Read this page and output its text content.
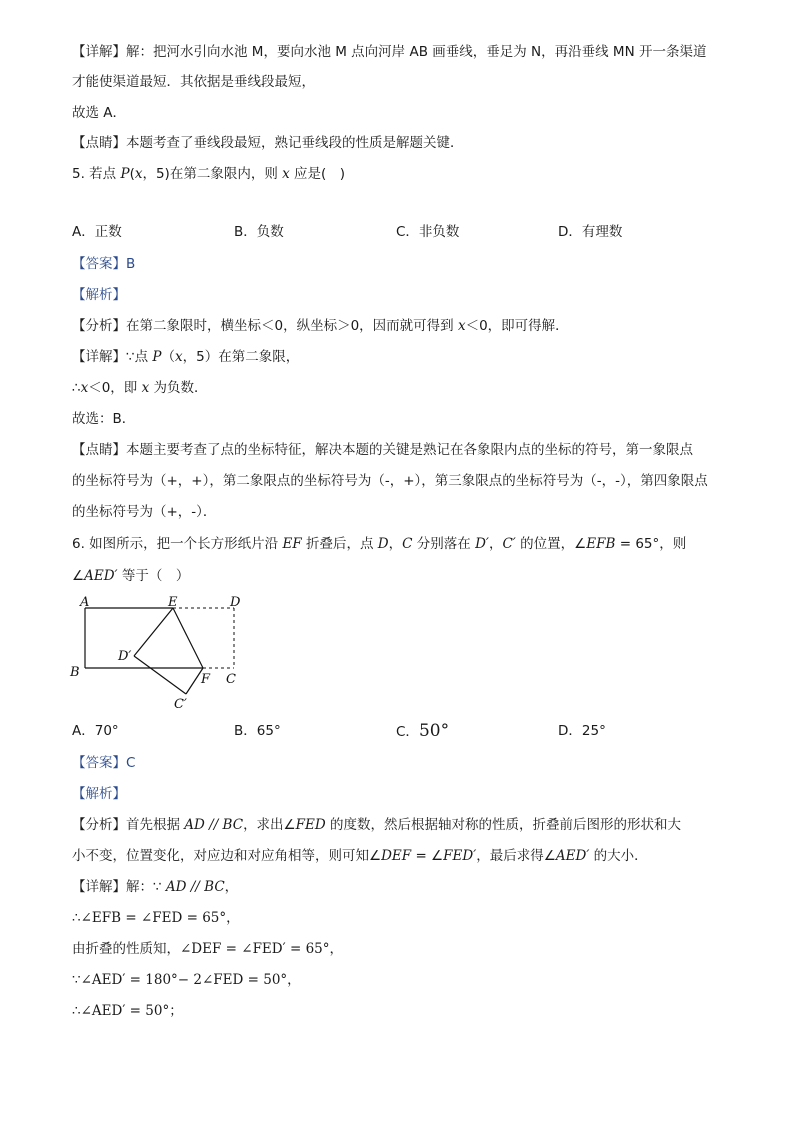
【详解】解：把河水引向水池 M，要向水池 M 点向河岸 AB 画垂线，垂足为 N，再沿垂线 MN 开一条渠道
才能使渠道最短．其依据是垂线段最短，
故选 A．
【点睛】本题考查了垂线段最短，熟记垂线段的性质是解题关键．
5. 若点 P(x，5)在第二象限内，则 x 应是(　)
A．正数	B．负数	C．非负数	D．有理数
【答案】B
【解析】
【分析】在第二象限时，横坐标＜0，纵坐标＞0，因而就可得到 x＜0，即可得解．
【详解】∵点 P（x，5）在第二象限，
∴x＜0，即 x 为负数．
故选：B．
【点睛】本题主要考查了点的坐标特征，解决本题的关键是熟记在各象限内点的坐标的符号，第一象限点
的坐标符号为（+，+），第二象限点的坐标符号为（-，+），第三象限点的坐标符号为（-，-），第四象限点
的坐标符号为（+，-）．
6. 如图所示，把一个长方形纸片沿 EF 折叠后，点 D，C 分别落在 D′，C′ 的位置，∠EFB = 65°，则
∠AED′ 等于（　）
A	E	D
D′
B	F C
C′
A．70°	B．65°	C．50°	D．25°
【答案】C
【解析】
【分析】首先根据 AD // BC，求出∠FED 的度数，然后根据轴对称的性质，折叠前后图形的形状和大
小不变，位置变化，对应边和对应角相等，则可知∠DEF = ∠FED′，最后求得∠AED′ 的大小．
【详解】解：∵ AD // BC，
∴∠EFB = ∠FED = 65°，
由折叠的性质知，∠DEF = ∠FED′ = 65°，
∵∠AED′ = 180°− 2∠FED = 50°，
∴∠AED′ = 50°；
